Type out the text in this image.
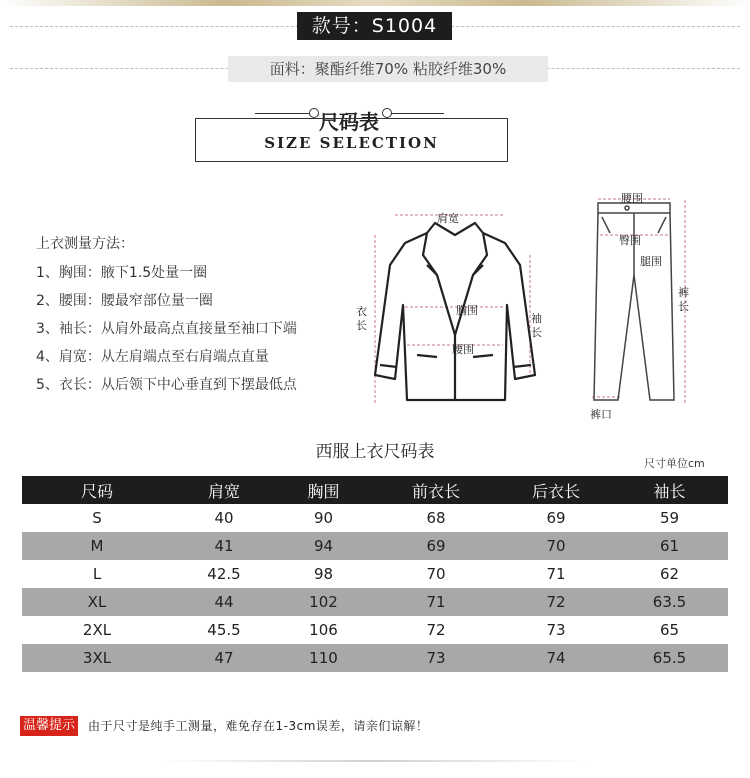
款号：S1004
面料：聚酯纤维70% 粘胶纤维30%
尺码表
SIZE SELECTION
上衣测量方法：
1、胸围：腋下1.5处量一圈
2、腰围：腰最窄部位量一圈
3、袖长：从肩外最高点直接量至袖口下端
4、肩宽：从左肩端点至右肩端点直量
5、衣长：从后领下中心垂直到下摆最低点
肩宽
胸围
腰围
衣长
袖长
腰围
臀围
腿围
裤长
裤口
西服上衣尺码表
尺寸单位cm
尺码	肩宽	胸围	前衣长	后衣长	袖长
S	40	90	68	69	59
M	41	94	69	70	61
L	42.5	98	70	71	62
XL	44	102	71	72	63.5
2XL	45.5	106	72	73	65
3XL	47	110	73	74	65.5
温馨提示 由于尺寸是纯手工测量，难免存在1-3cm误差，请亲们谅解！
